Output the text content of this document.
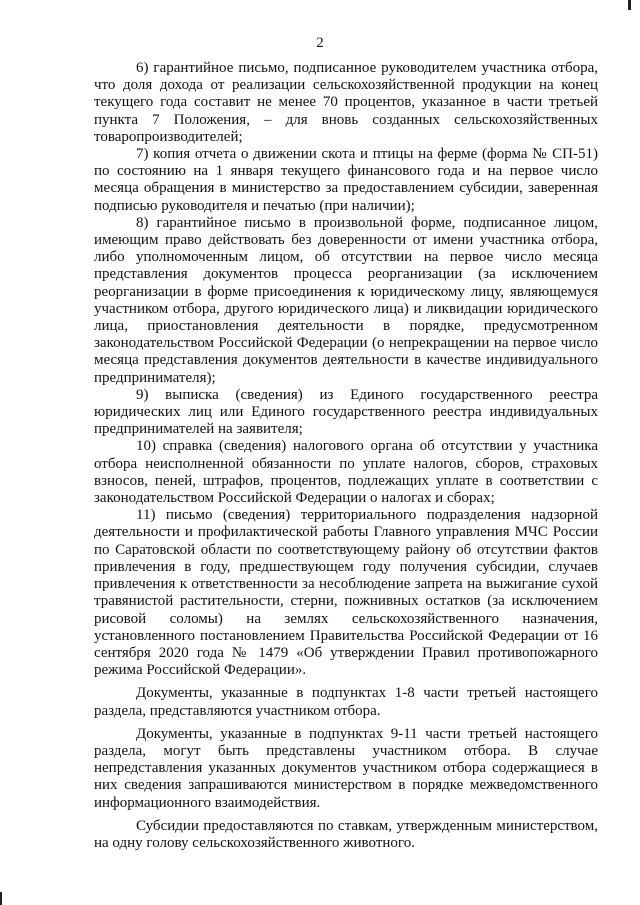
2

6) гарантийное письмо, подписанное руководителем участника отбора, что доля дохода от реализации сельскохозяйственной продукции на конец текущего года составит не менее 70 процентов, указанное в части третьей пункта 7 Положения, – для вновь созданных сельскохозяйственных товаропроизводителей;

7) копия отчета о движении скота и птицы на ферме (форма № СП-51) по состоянию на 1 января текущего финансового года и на первое число месяца обращения в министерство за предоставлением субсидии, заверенная подписью руководителя и печатью (при наличии);

8) гарантийное письмо в произвольной форме, подписанное лицом, имеющим право действовать без доверенности от имени участника отбора, либо уполномоченным лицом, об отсутствии на первое число месяца представления документов процесса реорганизации (за исключением реорганизации в форме присоединения к юридическому лицу, являющемуся участником отбора, другого юридического лица) и ликвидации юридического лица, приостановления деятельности в порядке, предусмотренном законодательством Российской Федерации (о непрекращении на первое число месяца представления документов деятельности в качестве индивидуального предпринимателя);

9) выписка (сведения) из Единого государственного реестра юридических лиц или Единого государственного реестра индивидуальных предпринимателей на заявителя;

10) справка (сведения) налогового органа об отсутствии у участника отбора неисполненной обязанности по уплате налогов, сборов, страховых взносов, пеней, штрафов, процентов, подлежащих уплате в соответствии с законодательством Российской Федерации о налогах и сборах;

11) письмо (сведения) территориального подразделения надзорной деятельности и профилактической работы Главного управления МЧС России по Саратовской области по соответствующему району об отсутствии фактов привлечения в году, предшествующем году получения субсидии, случаев привлечения к ответственности за несоблюдение запрета на выжигание сухой травянистой растительности, стерни, пожнивных остатков (за исключением рисовой соломы) на землях сельскохозяйственного назначения, установленного постановлением Правительства Российской Федерации от 16 сентября 2020 года № 1479 «Об утверждении Правил противопожарного режима Российской Федерации».

Документы, указанные в подпунктах 1-8 части третьей настоящего раздела, представляются участником отбора.

Документы, указанные в подпунктах 9-11 части третьей настоящего раздела, могут быть представлены участником отбора. В случае непредставления указанных документов участником отбора содержащиеся в них сведения запрашиваются министерством в порядке межведомственного информационного взаимодействия.

Субсидии предоставляются по ставкам, утвержденным министерством, на одну голову сельскохозяйственного животного.
